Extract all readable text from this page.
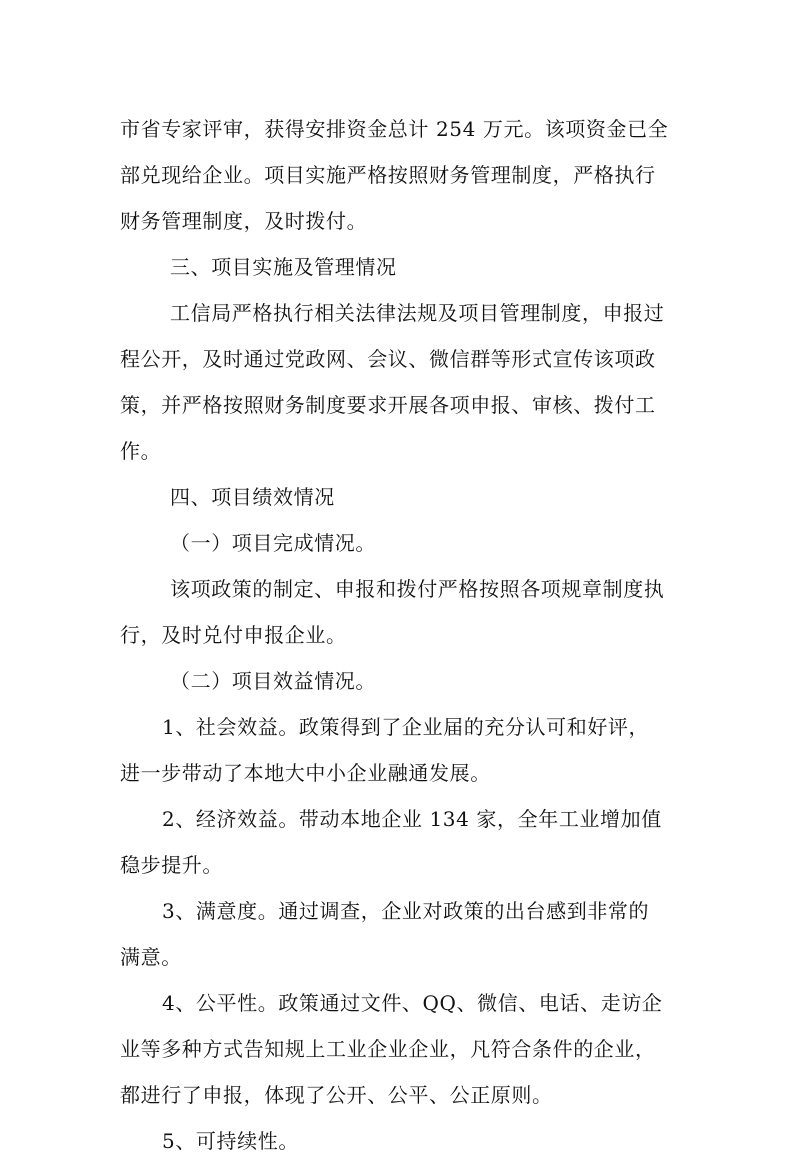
市省专家评审，获得安排资金总计 254 万元。该项资金已全
部兑现给企业。项目实施严格按照财务管理制度，严格执行
财务管理制度，及时拨付。
三、项目实施及管理情况
工信局严格执行相关法律法规及项目管理制度，申报过
程公开，及时通过党政网、会议、微信群等形式宣传该项政
策，并严格按照财务制度要求开展各项申报、审核、拨付工
作。
四、项目绩效情况
（一）项目完成情况。
该项政策的制定、申报和拨付严格按照各项规章制度执
行，及时兑付申报企业。
（二）项目效益情况。
1、社会效益。政策得到了企业届的充分认可和好评，
进一步带动了本地大中小企业融通发展。
2、经济效益。带动本地企业 134 家，全年工业增加值
稳步提升。
3、满意度。通过调查，企业对政策的出台感到非常的
满意。
4、公平性。政策通过文件、QQ、微信、电话、走访企
业等多种方式告知规上工业企业企业，凡符合条件的企业，
都进行了申报，体现了公开、公平、公正原则。
5、可持续性。
